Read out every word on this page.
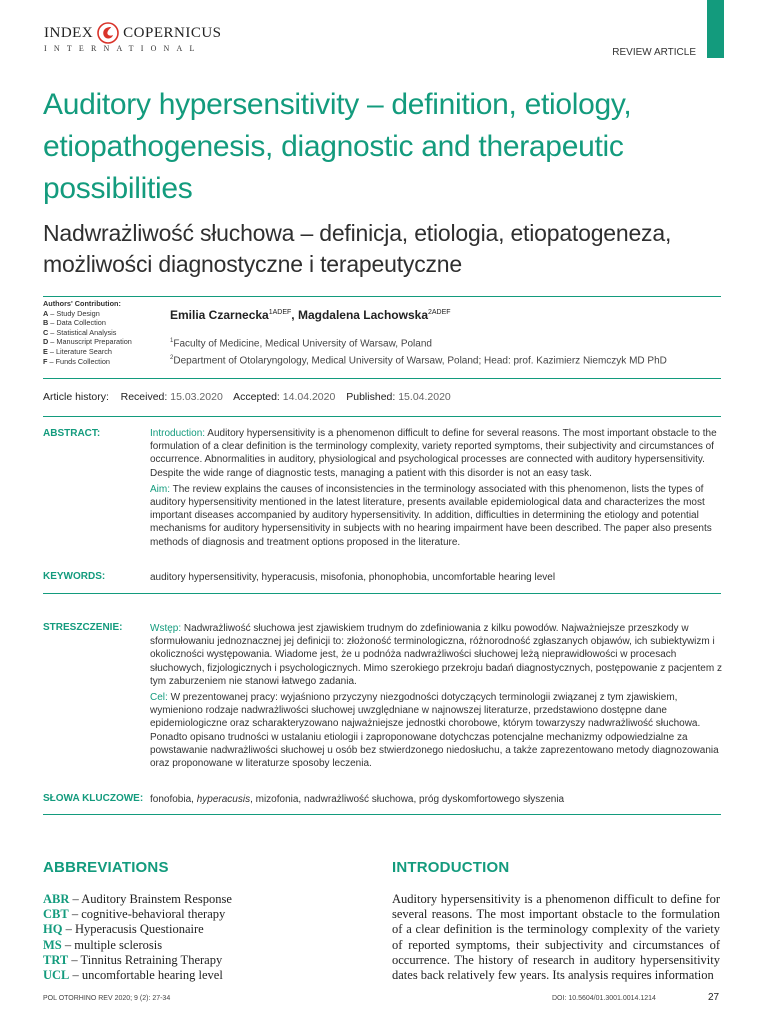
INDEX COPERNICUS
INTERNATIONAL	REVIEW ARTICLE
Auditory hypersensitivity – definition, etiology, etiopathogenesis, diagnostic and therapeutic possibilities
Nadwrażliwość słuchowa – definicja, etiologia, etiopatogeneza, możliwości diagnostyczne i terapeutyczne
Authors' Contribution:
A – Study Design
B – Data Collection
C – Statistical Analysis
D – Manuscript Preparation
E – Literature Search
F – Funds Collection
Emilia Czarnecka$^{1ADEF}$, Magdalena Lachowska$^{2ADEF}$
$^1$Faculty of Medicine, Medical University of Warsaw, Poland
$^2$Department of Otolaryngology, Medical University of Warsaw, Poland; Head: prof. Kazimierz Niemczyk MD PhD
Article history: Received: 15.03.2020 Accepted: 14.04.2020 Published: 15.04.2020
ABSTRACT:	Introduction: Auditory hypersensitivity is a phenomenon difficult to define for several reasons. The most important obstacle to the formulation of a clear definition is the terminology complexity, variety reported symptoms, their subjectivity and circumstances of occurrence. Abnormalities in auditory, physiological and psychological processes are connected with auditory hypersensitivity. Despite the wide range of diagnostic tests, managing a patient with this disorder is not an easy task.

Aim: The review explains the causes of inconsistencies in the terminology associated with this phenomenon, lists the types of auditory hypersensitivity mentioned in the latest literature, presents available epidemiological data and characterizes the most important diseases accompanied by auditory hypersensitivity. In addition, difficulties in determining the etiology and potential mechanisms for auditory hypersensitivity in subjects with no hearing impairment have been described. The paper also presents methods of diagnosis and treatment options proposed in the literature.

KEYWORDS:	auditory hypersensitivity, hyperacusis, misofonia, phonophobia, uncomfortable hearing level
STRESZCZENIE:	Wstęp: Nadwrażliwość słuchowa jest zjawiskiem trudnym do zdefiniowania z kilku powodów. Najważniejsze przeszkody w sformułowaniu jednoznacznej jej definicji to: złożoność terminologiczna, różnorodność zgłaszanych objawów, ich subiektywizm i okoliczności występowania. Wiadome jest, że u podnóża nadwrażliwości słuchowej leżą nieprawidłowości w procesach słuchowych, fizjologicznych i psychologicznych. Mimo szerokiego przekroju badań diagnostycznych, postępowanie z pacjentem z tym zaburzeniem nie stanowi łatwego zadania.

Cel: W prezentowanej pracy: wyjaśniono przyczyny niezgodności dotyczących terminologii związanej z tym zjawiskiem, wymieniono rodzaje nadwrażliwości słuchowej uwzględniane w najnowszej literaturze, przedstawiono dostępne dane epidemiologiczne oraz scharakteryzowano najważniejsze jednostki chorobowe, którym towarzyszy nadwrażliwość słuchowa. Ponadto opisano trudności w ustalaniu etiologii i zaproponowane dotychczas potencjalne mechanizmy odpowiedzialne za powstawanie nadwrażliwości słuchowej u osób bez stwierdzonego niedosłuchu, a także zaprezentowano metody diagnozowania oraz proponowane w literaturze sposoby leczenia.

SŁOWA KLUCZOWE: fonofobia, hyperacusis, mizofonia, nadwrażliwość słuchowa, próg dyskomfortowego słyszenia
ABBREVIATIONS
ABR – Auditory Brainstem Response
CBT – cognitive-behavioral therapy
HQ – Hyperacusis Questionaire
MS – multiple sclerosis
TRT – Tinnitus Retraining Therapy
UCL – uncomfortable hearing level
INTRODUCTION

Auditory hypersensitivity is a phenomenon difficult to define for several reasons. The most important obstacle to the formulation of a clear definition is the terminology complexity of the variety of reported symptoms, their subjectivity and circumstances of occurrence. The history of research in auditory hypersensitivity dates back relatively few years. Its analysis requires information

POL OTORHINO REV 2020; 9 (2): 27-34	DOI: 10.5604/01.3001.0014.1214	27
